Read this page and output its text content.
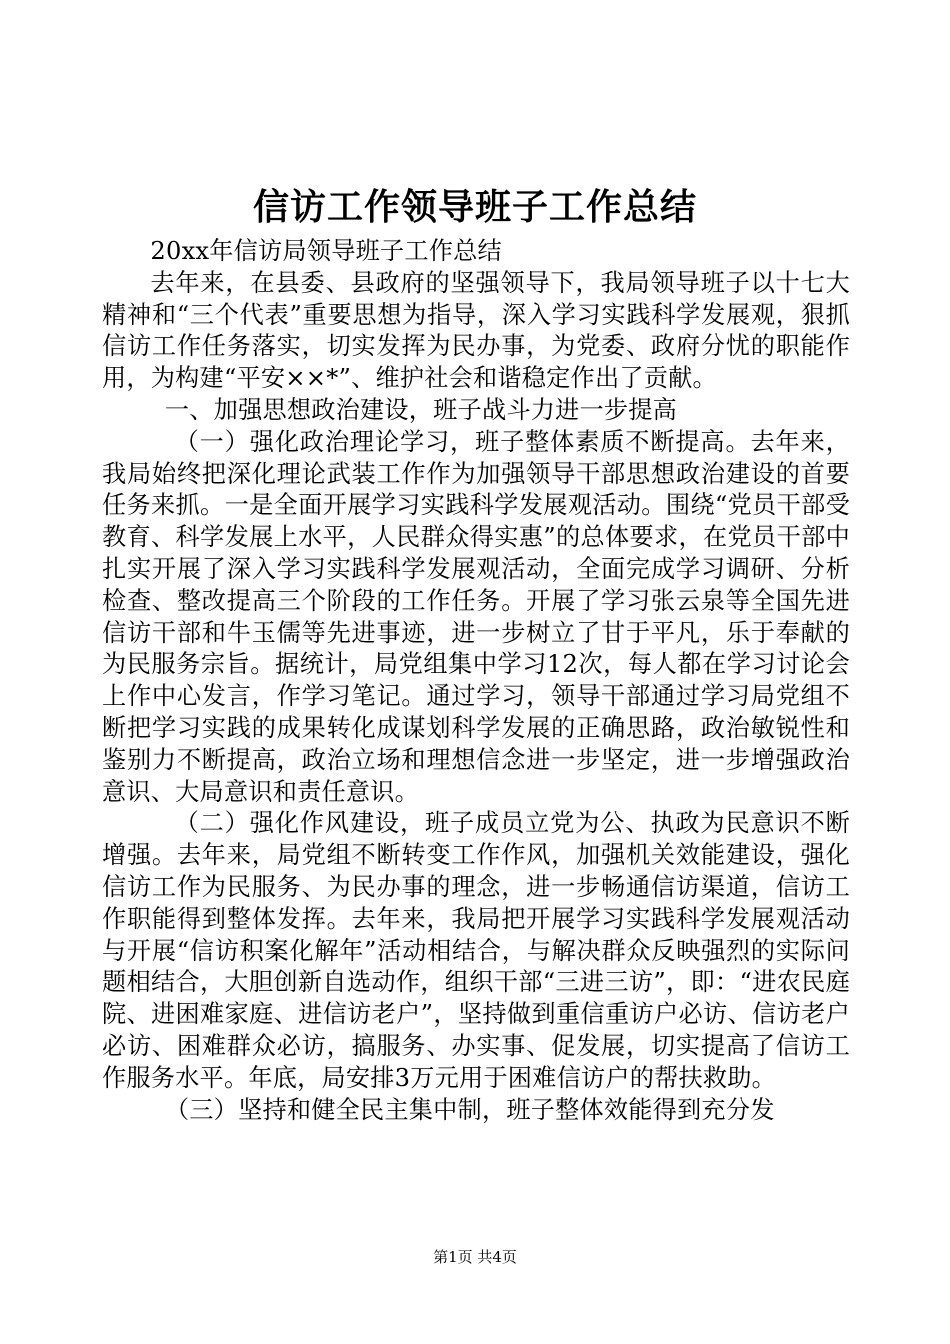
信访工作领导班子工作总结

20xx年信访局领导班子工作总结

去年来，在县委、县政府的坚强领导下，我局领导班子以十七大精神和“三个代表”重要思想为指导，深入学习实践科学发展观，狠抓信访工作任务落实，切实发挥为民办事，为党委、政府分忧的职能作用，为构建“平安××*”、维护社会和谐稳定作出了贡献。

一、加强思想政治建设，班子战斗力进一步提高

（一）强化政治理论学习，班子整体素质不断提高。去年来，我局始终把深化理论武装工作作为加强领导干部思想政治建设的首要任务来抓。一是全面开展学习实践科学发展观活动。围绕“党员干部受教育、科学发展上水平，人民群众得实惠”的总体要求，在党员干部中扎实开展了深入学习实践科学发展观活动，全面完成学习调研、分析检查、整改提高三个阶段的工作任务。开展了学习张云泉等全国先进信访干部和牛玉儒等先进事迹，进一步树立了甘于平凡，乐于奉献的为民服务宗旨。据统计，局党组集中学习12次，每人都在学习讨论会上作中心发言，作学习笔记。通过学习，领导干部通过学习局党组不断把学习实践的成果转化成谋划科学发展的正确思路，政治敏锐性和鉴别力不断提高，政治立场和理想信念进一步坚定，进一步增强政治意识、大局意识和责任意识。

（二）强化作风建设，班子成员立党为公、执政为民意识不断增强。去年来，局党组不断转变工作作风，加强机关效能建设，强化信访工作为民服务、为民办事的理念，进一步畅通信访渠道，信访工作职能得到整体发挥。去年来，我局把开展学习实践科学发展观活动与开展“信访积案化解年”活动相结合，与解决群众反映强烈的实际问题相结合，大胆创新自选动作，组织干部“三进三访”，即：“进农民庭院、进困难家庭、进信访老户”，坚持做到重信重访户必访、信访老户必访、困难群众必访，搞服务、办实事、促发展，切实提高了信访工作服务水平。年底，局安排3万元用于困难信访户的帮扶救助。

（三）坚持和健全民主集中制，班子整体效能得到充分发

第1页 共4页
